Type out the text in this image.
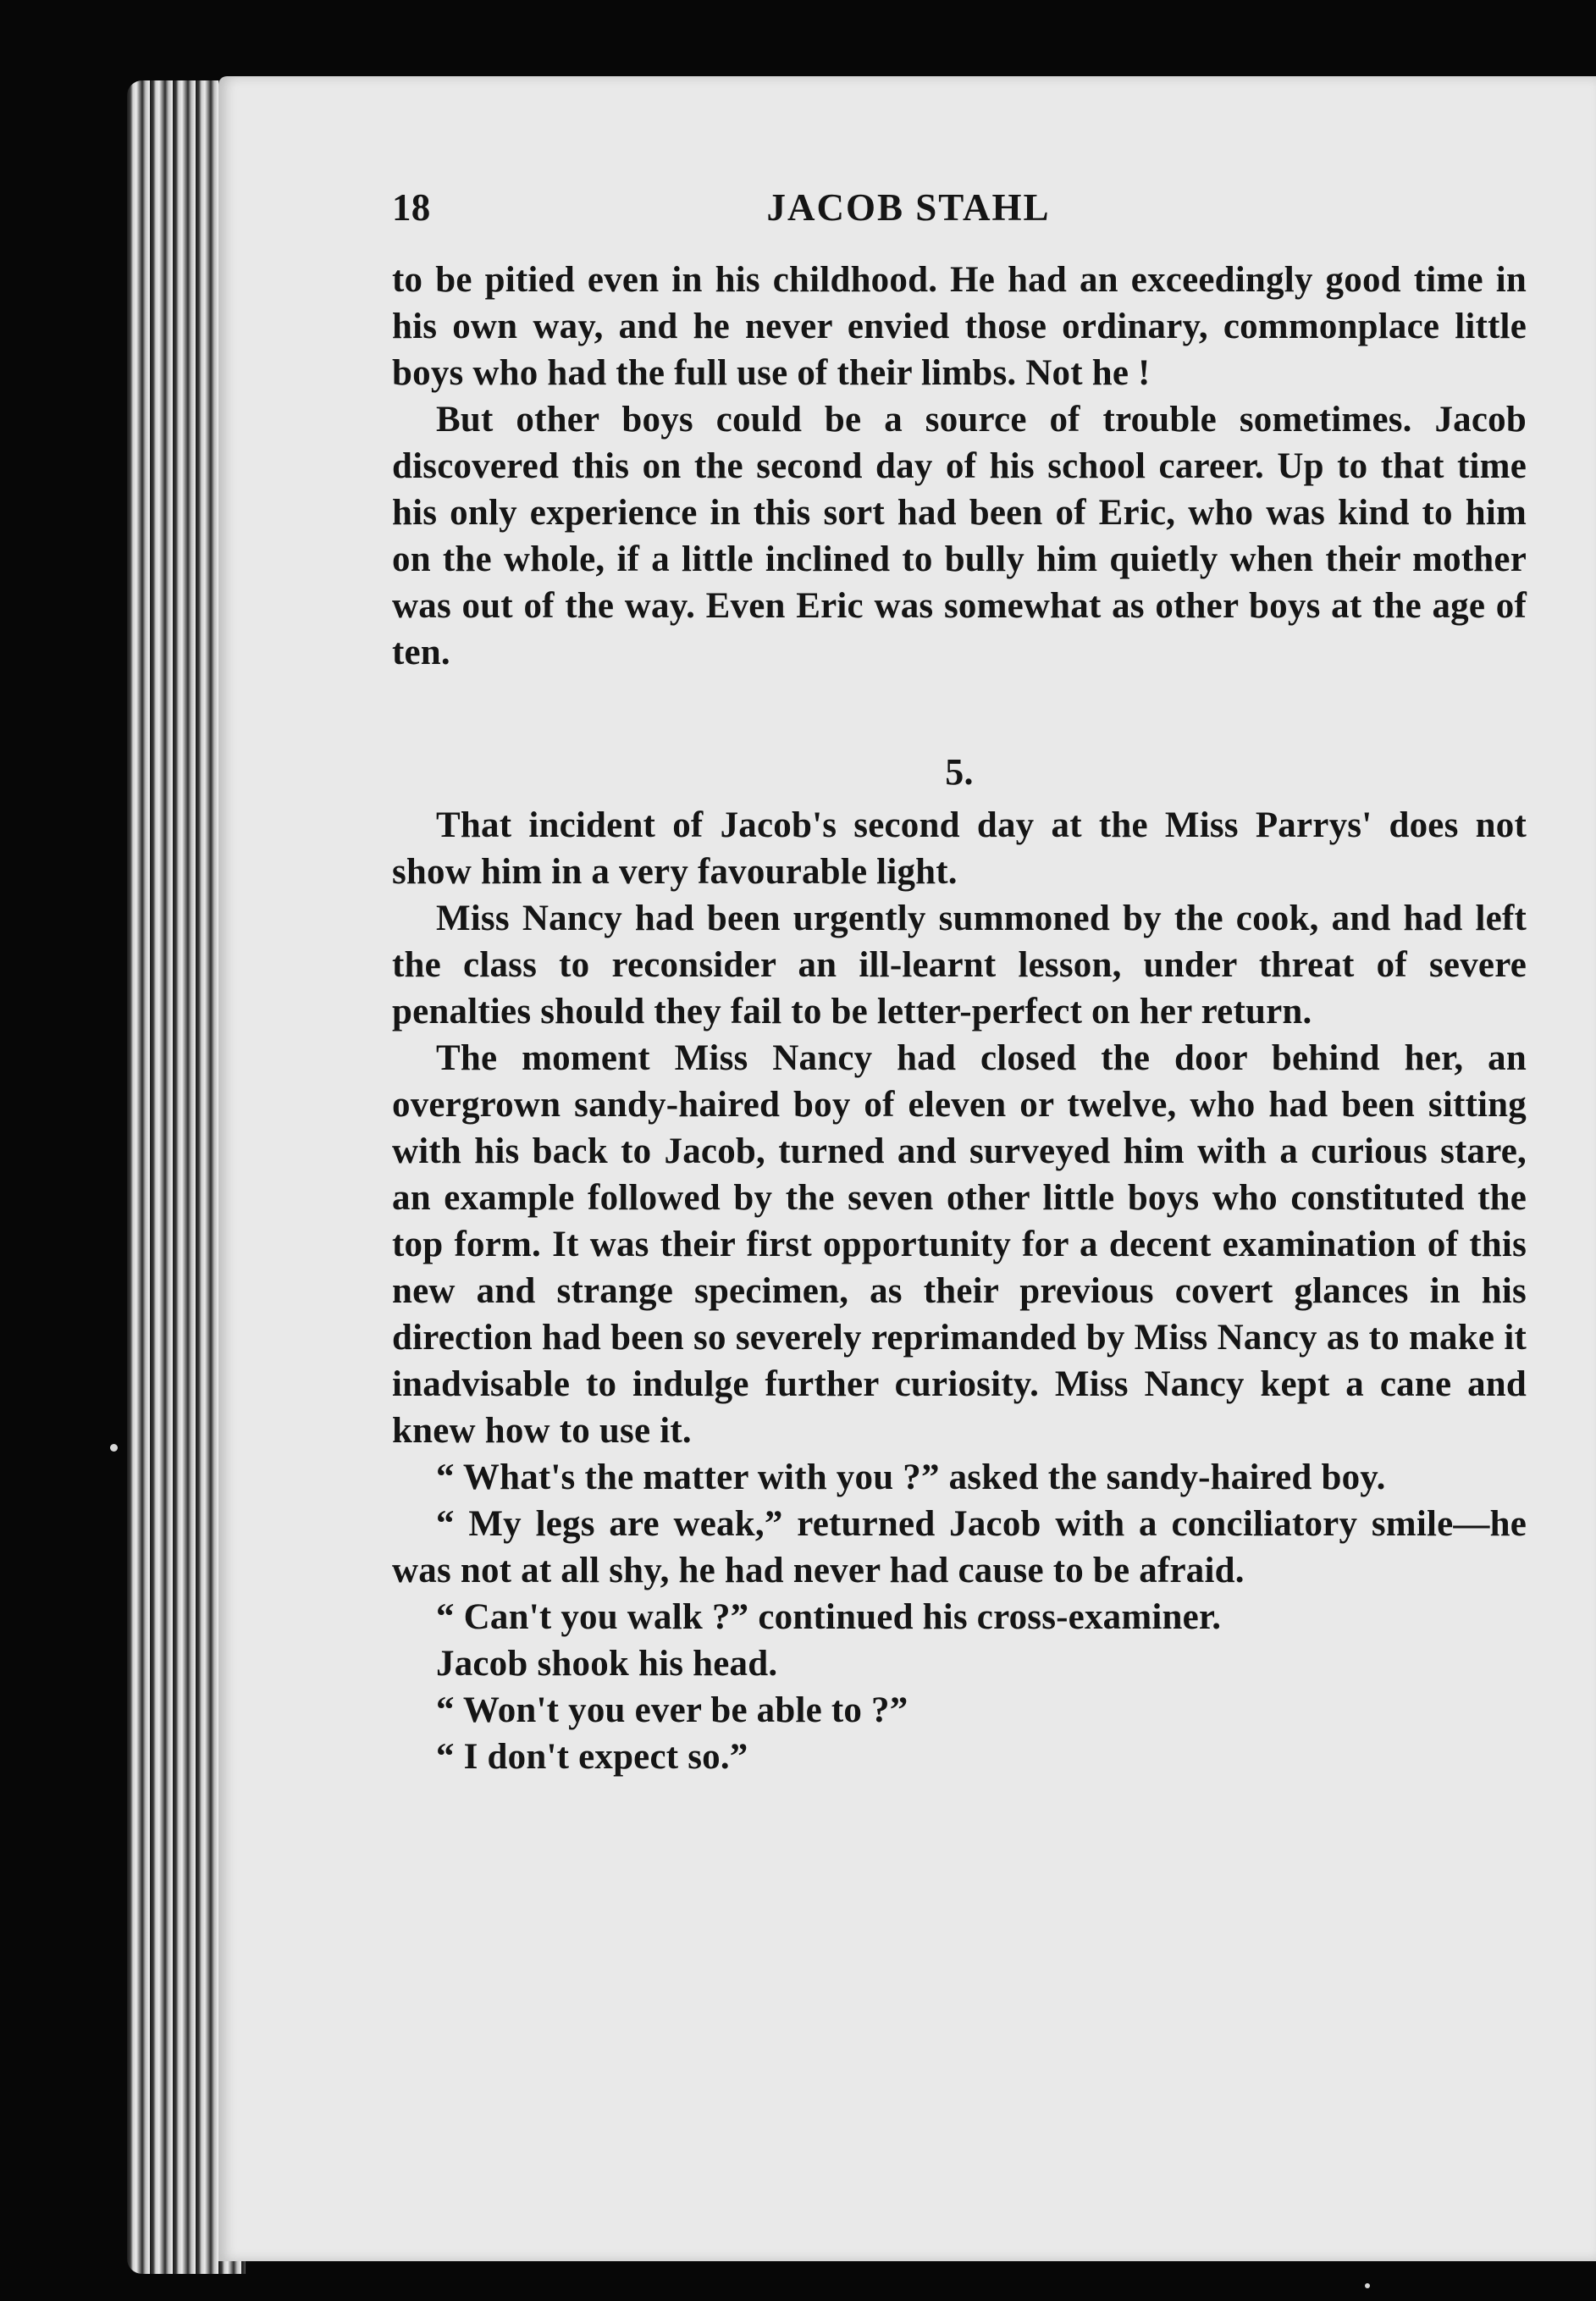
18	JACOB STAHL

to be pitied even in his childhood. He had an exceedingly good time in his own way, and he never envied those ordinary, commonplace little boys who had the full use of their limbs. Not he !

But other boys could be a source of trouble sometimes. Jacob discovered this on the second day of his school career. Up to that time his only experience in this sort had been of Eric, who was kind to him on the whole, if a little inclined to bully him quietly when their mother was out of the way. Even Eric was somewhat as other boys at the age of ten.

5.

That incident of Jacob's second day at the Miss Parrys' does not show him in a very favourable light.

Miss Nancy had been urgently summoned by the cook, and had left the class to reconsider an ill-learnt lesson, under threat of severe penalties should they fail to be letter-perfect on her return.

The moment Miss Nancy had closed the door behind her, an overgrown sandy-haired boy of eleven or twelve, who had been sitting with his back to Jacob, turned and surveyed him with a curious stare, an example followed by the seven other little boys who constituted the top form. It was their first opportunity for a decent examination of this new and strange specimen, as their previous covert glances in his direction had been so severely reprimanded by Miss Nancy as to make it inadvisable to indulge further curiosity. Miss Nancy kept a cane and knew how to use it.

“ What's the matter with you ?” asked the sandy-haired boy.

“ My legs are weak,” returned Jacob with a conciliatory smile—he was not at all shy, he had never had cause to be afraid.

“ Can't you walk ?” continued his cross-examiner.

Jacob shook his head.

“ Won't you ever be able to ?”

“ I don't expect so.”
